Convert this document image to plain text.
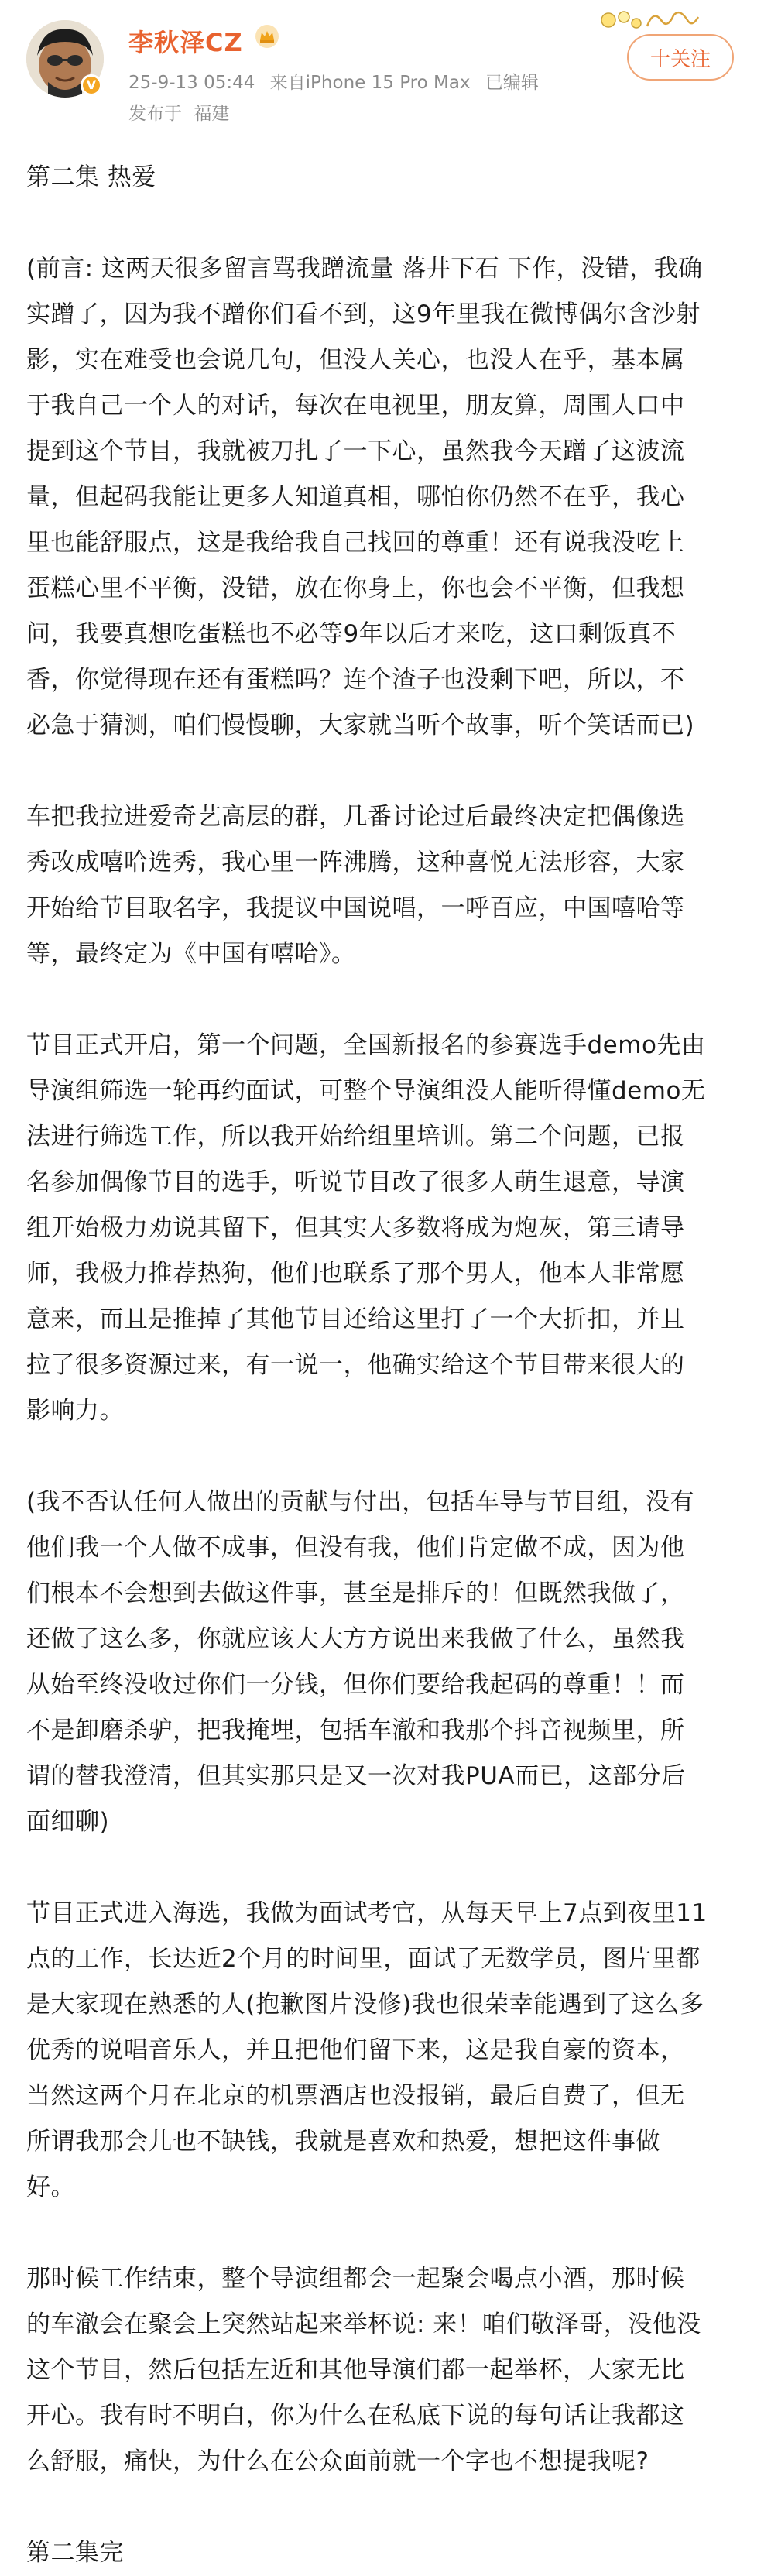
V
李秋泽CZ
25-9-13 05:44 来自iPhone 15 Pro Max 已编辑
发布于 福建
十关注

第二集 热爱

(前言: 这两天很多留言骂我蹭流量 落井下石 下作，没错，我确实蹭了，因为我不蹭你们看不到，这9年里我在微博偶尔含沙射影，实在难受也会说几句，但没人关心，也没人在乎，基本属于我自己一个人的对话，每次在电视里，朋友算，周围人口中提到这个节目，我就被刀扎了一下心，虽然我今天蹭了这波流量，但起码我能让更多人知道真相，哪怕你仍然不在乎，我心里也能舒服点，这是我给我自己找回的尊重！还有说我没吃上蛋糕心里不平衡，没错，放在你身上，你也会不平衡，但我想问，我要真想吃蛋糕也不必等9年以后才来吃，这口剩饭真不香，你觉得现在还有蛋糕吗？连个渣子也没剩下吧，所以，不必急于猜测，咱们慢慢聊，大家就当听个故事，听个笑话而已)

车把我拉进爱奇艺高层的群，几番讨论过后最终决定把偶像选秀改成嘻哈选秀，我心里一阵沸腾，这种喜悦无法形容，大家开始给节目取名字，我提议中国说唱，一呼百应，中国嘻哈等等，最终定为《中国有嘻哈》。

节目正式开启，第一个问题，全国新报名的参赛选手demo先由导演组筛选一轮再约面试，可整个导演组没人能听得懂demo无法进行筛选工作，所以我开始给组里培训。第二个问题，已报名参加偶像节目的选手，听说节目改了很多人萌生退意，导演组开始极力劝说其留下，但其实大多数将成为炮灰，第三请导师，我极力推荐热狗，他们也联系了那个男人，他本人非常愿意来，而且是推掉了其他节目还给这里打了一个大折扣，并且拉了很多资源过来，有一说一，他确实给这个节目带来很大的影响力。

(我不否认任何人做出的贡献与付出，包括车导与节目组，没有他们我一个人做不成事，但没有我，他们肯定做不成，因为他们根本不会想到去做这件事，甚至是排斥的！但既然我做了，还做了这么多，你就应该大大方方说出来我做了什么，虽然我从始至终没收过你们一分钱，但你们要给我起码的尊重！！而不是卸磨杀驴，把我掩埋，包括车澈和我那个抖音视频里，所谓的替我澄清，但其实那只是又一次对我PUA而已，这部分后面细聊)

节目正式进入海选，我做为面试考官，从每天早上7点到夜里11点的工作，长达近2个月的时间里，面试了无数学员，图片里都是大家现在熟悉的人(抱歉图片没修)我也很荣幸能遇到了这么多优秀的说唱音乐人，并且把他们留下来，这是我自豪的资本，当然这两个月在北京的机票酒店也没报销，最后自费了，但无所谓我那会儿也不缺钱，我就是喜欢和热爱，想把这件事做好。

那时候工作结束，整个导演组都会一起聚会喝点小酒，那时候的车澈会在聚会上突然站起来举杯说: 来！咱们敬泽哥，没他没这个节目，然后包括左近和其他导演们都一起举杯，大家无比开心。我有时不明白，你为什么在私底下说的每句话让我都这么舒服，痛快，为什么在公众面前就一个字也不想提我呢?

第二集完
